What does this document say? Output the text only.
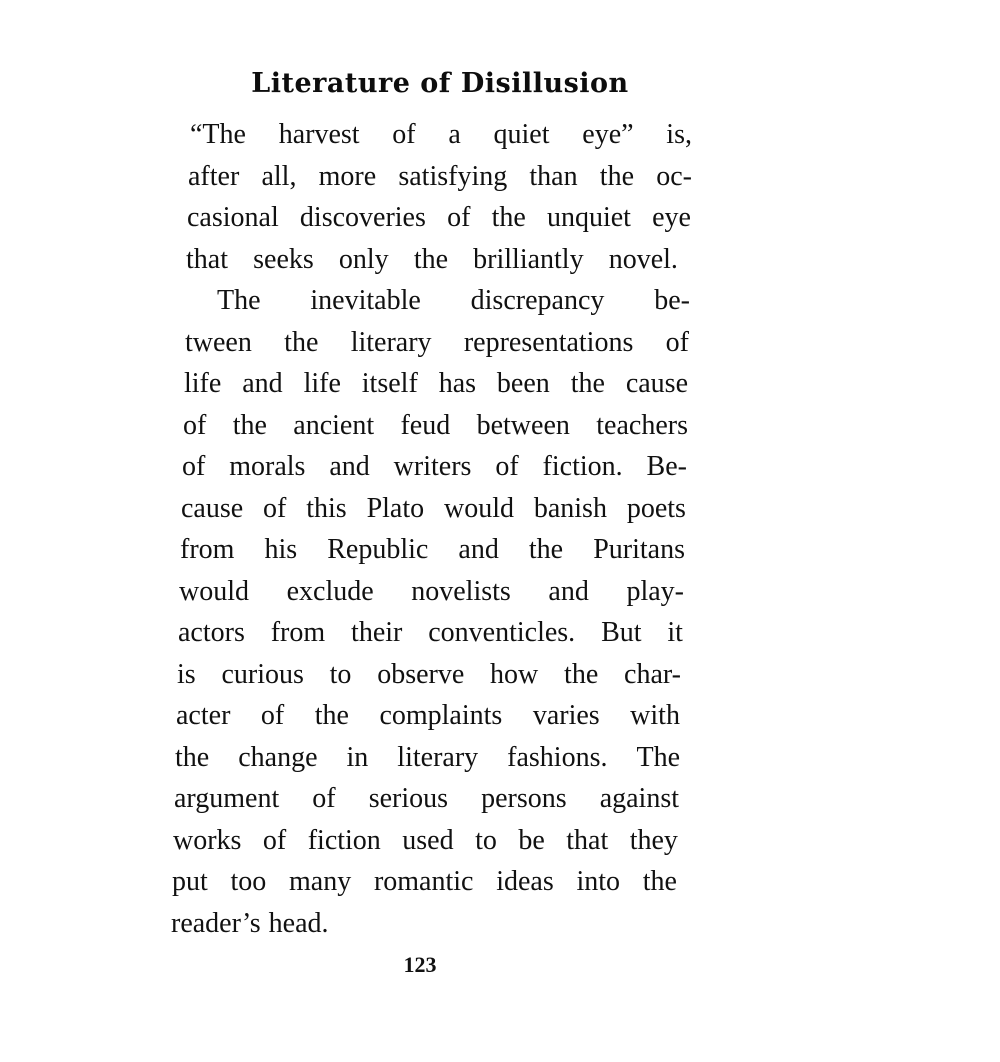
Literature of Disillusion
“The harvest of a quiet eye” is,
after all, more satisfying than the oc-
casional discoveries of the unquiet eye
that seeks only the brilliantly novel.
The inevitable discrepancy be-
tween the literary representations of
life and life itself has been the cause
of the ancient feud between teachers
of morals and writers of fiction. Be-
cause of this Plato would banish poets
from his Republic and the Puritans
would exclude novelists and play-
actors from their conventicles. But it
is curious to observe how the char-
acter of the complaints varies with
the change in literary fashions. The
argument of serious persons against
works of fiction used to be that they
put too many romantic ideas into the
reader’s head.
123
